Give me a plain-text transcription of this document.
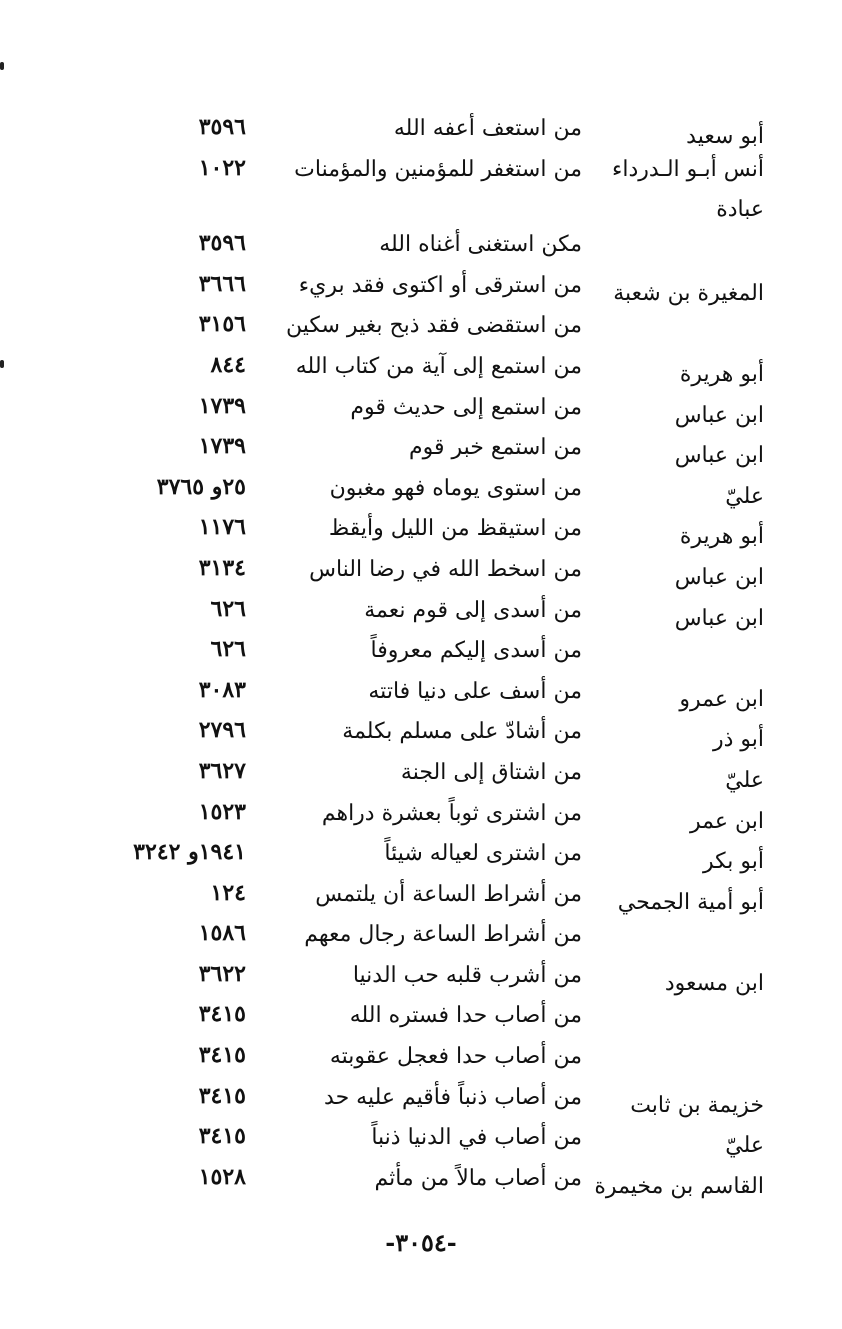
أبو سعيد
من استعف أعفه الله
٣٥٩٦
أنس أبـو الـدرداء
من استغفر للمؤمنين والمؤمنات
١٠٢٢
عبادة
مكن استغنى أغناه الله
٣٥٩٦
المغيرة بن شعبة
من استرقى أو اكتوى فقد بريء
٣٦٦٦
من استقضى فقد ذبح بغير سكين
٣١٥٦
أبو هريرة
من استمع إلى آية من كتاب الله
٨٤٤
ابن عباس
من استمع إلى حديث قوم
١٧٣٩
ابن عباس
من استمع خبر قوم
١٧٣٩
عليّ
من استوى يوماه فهو مغبون
٢٥و ٣٧٦٥
أبو هريرة
من استيقظ من الليل وأيقظ
١١٧٦
ابن عباس
من اسخط الله في رضا الناس
٣١٣٤
ابن عباس
من أسدى إلى قوم نعمة
٦٢٦
من أسدى إليكم معروفاً
٦٢٦
ابن عمرو
من أسف على دنيا فاتته
٣٠٨٣
أبو ذر
من أشادّ على مسلم بكلمة
٢٧٩٦
عليّ
من اشتاق إلى الجنة
٣٦٢٧
ابن عمر
من اشترى ثوباً بعشرة دراهم
١٥٢٣
أبو بكر
من اشترى لعياله شيئاً
١٩٤١و ٣٢٤٢
أبو أمية الجمحي
من أشراط الساعة أن يلتمس
١٢٤
من أشراط الساعة رجال معهم
١٥٨٦
ابن مسعود
من أشرب قلبه حب الدنيا
٣٦٢٢
من أصاب حدا فستره الله
٣٤١٥
من أصاب حدا فعجل عقوبته
٣٤١٥
خزيمة بن ثابت
من أصاب ذنباً فأقيم عليه حد
٣٤١٥
عليّ
من أصاب في الدنيا ذنباً
٣٤١٥
القاسم بن مخيمرة
من أصاب مالاً من مأثم
١٥٢٨
-٣٠٥٤-
